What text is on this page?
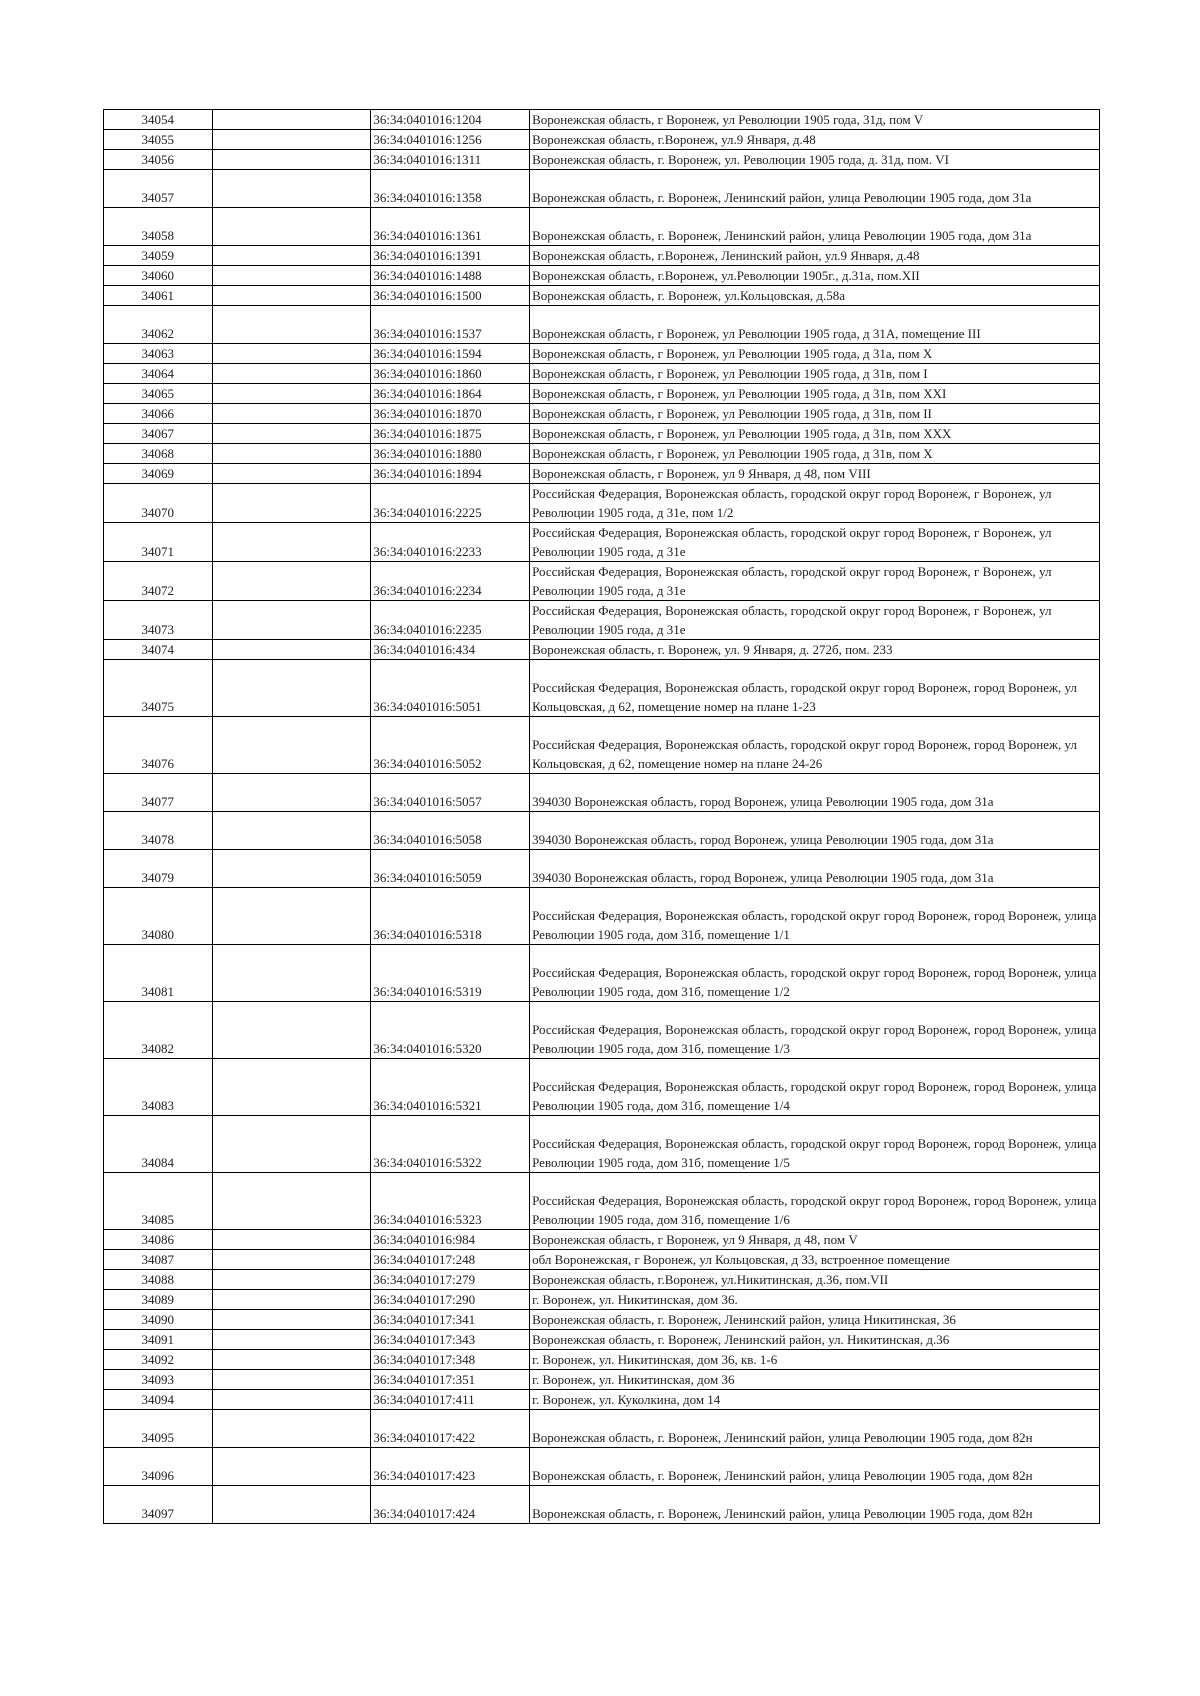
34054		36:34:0401016:1204	Воронежская область, г Воронеж, ул Революции 1905 года, 31д, пом V
34055		36:34:0401016:1256	Воронежская область, г.Воронеж, ул.9 Января, д.48
34056		36:34:0401016:1311	Воронежская область, г. Воронеж, ул. Революции 1905 года, д. 31д, пом. VI
34057		36:34:0401016:1358	Воронежская область, г. Воронеж, Ленинский район, улица Революции 1905 года, дом 31а
34058		36:34:0401016:1361	Воронежская область, г. Воронеж, Ленинский район, улица Революции 1905 года, дом 31а
34059		36:34:0401016:1391	Воронежская область, г.Воронеж, Ленинский район, ул.9 Января, д.48
34060		36:34:0401016:1488	Воронежская область, г.Воронеж, ул.Революции 1905г., д.31а, пом.XII
34061		36:34:0401016:1500	Воронежская область, г. Воронеж, ул.Кольцовская, д.58а
34062		36:34:0401016:1537	Воронежская область, г Воронеж, ул Революции 1905 года, д 31А, помещение III
34063		36:34:0401016:1594	Воронежская область, г Воронеж, ул Революции 1905 года, д 31а, пом X
34064		36:34:0401016:1860	Воронежская область, г Воронеж, ул Революции 1905 года, д 31в, пом I
34065		36:34:0401016:1864	Воронежская область, г Воронеж, ул Революции 1905 года, д 31в, пом XXI
34066		36:34:0401016:1870	Воронежская область, г Воронеж, ул Революции 1905 года, д 31в, пом II
34067		36:34:0401016:1875	Воронежская область, г Воронеж, ул Революции 1905 года, д 31в, пом XXX
34068		36:34:0401016:1880	Воронежская область, г Воронеж, ул Революции 1905 года, д 31в, пом X
34069		36:34:0401016:1894	Воронежская область, г Воронеж, ул 9 Января, д 48, пом VIII
34070		36:34:0401016:2225	Российская Федерация, Воронежская область, городской округ город Воронеж, г Воронеж, ул Революции 1905 года, д 31е, пом 1/2
34071		36:34:0401016:2233	Российская Федерация, Воронежская область, городской округ город Воронеж, г Воронеж, ул Революции 1905 года, д 31е
34072		36:34:0401016:2234	Российская Федерация, Воронежская область, городской округ город Воронеж, г Воронеж, ул Революции 1905 года, д 31е
34073		36:34:0401016:2235	Российская Федерация, Воронежская область, городской округ город Воронеж, г Воронеж, ул Революции 1905 года, д 31е
34074		36:34:0401016:434	Воронежская область, г. Воронеж, ул. 9 Января, д. 272б, пом. 233
34075		36:34:0401016:5051	Российская Федерация, Воронежская область, городской округ город Воронеж, город Воронеж, ул Кольцовская, д 62, помещение номер на плане 1-23
34076		36:34:0401016:5052	Российская Федерация, Воронежская область, городской округ город Воронеж, город Воронеж, ул Кольцовская, д 62, помещение номер на плане 24-26
34077		36:34:0401016:5057	394030 Воронежская область, город Воронеж, улица Революции 1905 года, дом 31а
34078		36:34:0401016:5058	394030 Воронежская область, город Воронеж, улица Революции 1905 года, дом 31а
34079		36:34:0401016:5059	394030 Воронежская область, город Воронеж, улица Революции 1905 года, дом 31а
34080		36:34:0401016:5318	Российская Федерация, Воронежская область, городской округ город Воронеж, город Воронеж, улица Революции 1905 года, дом 31б, помещение 1/1
34081		36:34:0401016:5319	Российская Федерация, Воронежская область, городской округ город Воронеж, город Воронеж, улица Революции 1905 года, дом 31б, помещение 1/2
34082		36:34:0401016:5320	Российская Федерация, Воронежская область, городской округ город Воронеж, город Воронеж, улица Революции 1905 года, дом 31б, помещение 1/3
34083		36:34:0401016:5321	Российская Федерация, Воронежская область, городской округ город Воронеж, город Воронеж, улица Революции 1905 года, дом 31б, помещение 1/4
34084		36:34:0401016:5322	Российская Федерация, Воронежская область, городской округ город Воронеж, город Воронеж, улица Революции 1905 года, дом 31б, помещение 1/5
34085		36:34:0401016:5323	Российская Федерация, Воронежская область, городской округ город Воронеж, город Воронеж, улица Революции 1905 года, дом 31б, помещение 1/6
34086		36:34:0401016:984	Воронежская область, г Воронеж, ул 9 Января, д 48, пом V
34087		36:34:0401017:248	обл Воронежская, г Воронеж, ул Кольцовская, д 33, встроенное помещение
34088		36:34:0401017:279	Воронежская область, г.Воронеж, ул.Никитинская, д.36, пом.VII
34089		36:34:0401017:290	г. Воронеж, ул. Никитинская, дом 36.
34090		36:34:0401017:341	Воронежская область, г. Воронеж, Ленинский район, улица Никитинская, 36
34091		36:34:0401017:343	Воронежская область, г. Воронеж, Ленинский район, ул. Никитинская, д.36
34092		36:34:0401017:348	г. Воронеж, ул. Никитинская, дом 36, кв. 1-6
34093		36:34:0401017:351	г. Воронеж, ул. Никитинская, дом 36
34094		36:34:0401017:411	г. Воронеж, ул. Куколкина, дом 14
34095		36:34:0401017:422	Воронежская область, г. Воронеж, Ленинский район, улица Революции 1905 года, дом 82н
34096		36:34:0401017:423	Воронежская область, г. Воронеж, Ленинский район, улица Революции 1905 года, дом 82н
34097		36:34:0401017:424	Воронежская область, г. Воронеж, Ленинский район, улица Революции 1905 года, дом 82н
